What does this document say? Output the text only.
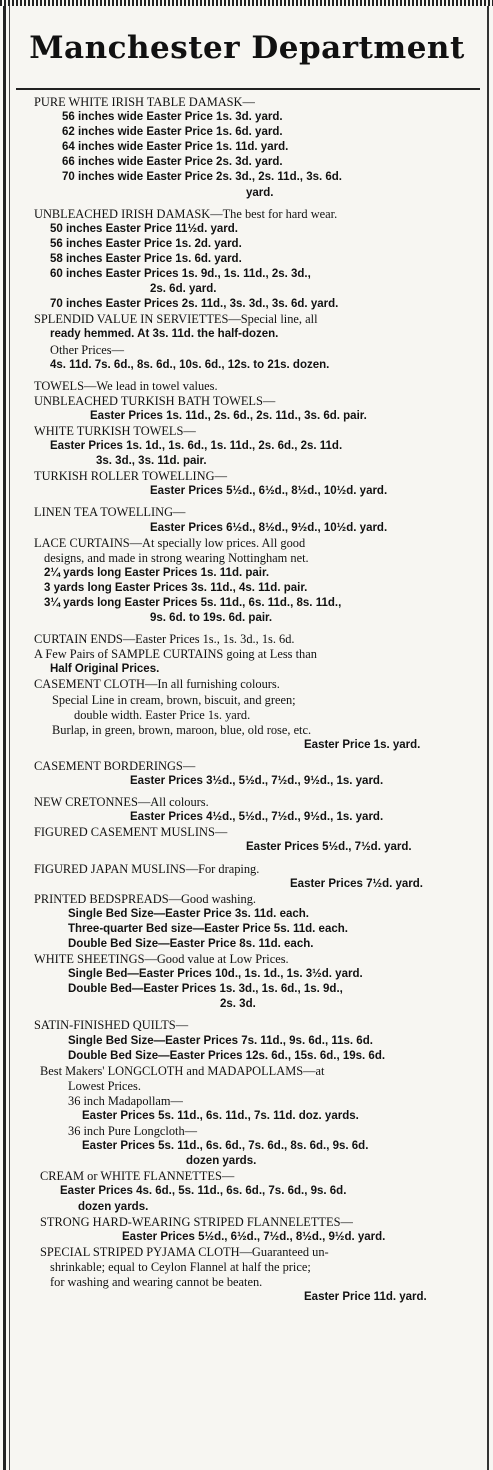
Manchester Department
PURE WHITE IRISH TABLE DAMASK—
56 inches wide Easter Price 1s. 3d. yard.
62 inches wide Easter Price 1s. 6d. yard.
64 inches wide Easter Price 1s. 11d. yard.
66 inches wide Easter Price 2s. 3d. yard.
70 inches wide Easter Price 2s. 3d., 2s. 11d., 3s. 6d.
yard.
UNBLEACHED IRISH DAMASK—The best for hard wear.
50 inches Easter Price 11½d. yard.
56 inches Easter Price 1s. 2d. yard.
58 inches Easter Price 1s. 6d. yard.
60 inches Easter Prices 1s. 9d., 1s. 11d., 2s. 3d.,
2s. 6d. yard.
70 inches Easter Prices 2s. 11d., 3s. 3d., 3s. 6d. yard.
SPLENDID VALUE IN SERVIETTES—Special line, all
ready hemmed. At 3s. 11d. the half-dozen.
Other Prices—
4s. 11d. 7s. 6d., 8s. 6d., 10s. 6d., 12s. to 21s. dozen.
TOWELS—We lead in towel values.
UNBLEACHED TURKISH BATH TOWELS—
Easter Prices 1s. 11d., 2s. 6d., 2s. 11d., 3s. 6d. pair.
WHITE TURKISH TOWELS—
Easter Prices 1s. 1d., 1s. 6d., 1s. 11d., 2s. 6d., 2s. 11d.
3s. 3d., 3s. 11d. pair.
TURKISH ROLLER TOWELLING—
Easter Prices 5½d., 6½d., 8½d., 10½d. yard.
LINEN TEA TOWELLING—
Easter Prices 6½d., 8½d., 9½d., 10½d. yard.
LACE CURTAINS—At specially low prices. All good
designs, and made in strong wearing Nottingham net.
2¼ yards long Easter Prices 1s. 11d. pair.
3 yards long Easter Prices 3s. 11d., 4s. 11d. pair.
3¼ yards long Easter Prices 5s. 11d., 6s. 11d., 8s. 11d.,
9s. 6d. to 19s. 6d. pair.
CURTAIN ENDS—Easter Prices 1s., 1s. 3d., 1s. 6d.
A Few Pairs of SAMPLE CURTAINS going at Less than
Half Original Prices.
CASEMENT CLOTH—In all furnishing colours.
Special Line in cream, brown, biscuit, and green;
double width. Easter Price 1s. yard.
Burlap, in green, brown, maroon, blue, old rose, etc.
Easter Price 1s. yard.
CASEMENT BORDERINGS—
Easter Prices 3½d., 5½d., 7½d., 9½d., 1s. yard.
NEW CRETONNES—All colours.
Easter Prices 4½d., 5½d., 7½d., 9½d., 1s. yard.
FIGURED CASEMENT MUSLINS—
Easter Prices 5½d., 7½d. yard.
FIGURED JAPAN MUSLINS—For draping.
Easter Prices 7½d. yard.
PRINTED BEDSPREADS—Good washing.
Single Bed Size—Easter Price 3s. 11d. each.
Three-quarter Bed size—Easter Price 5s. 11d. each.
Double Bed Size—Easter Price 8s. 11d. each.
WHITE SHEETINGS—Good value at Low Prices.
Single Bed—Easter Prices 10d., 1s. 1d., 1s. 3½d. yard.
Double Bed—Easter Prices 1s. 3d., 1s. 6d., 1s. 9d.,
2s. 3d.
SATIN-FINISHED QUILTS—
Single Bed Size—Easter Prices 7s. 11d., 9s. 6d., 11s. 6d.
Double Bed Size—Easter Prices 12s. 6d., 15s. 6d., 19s. 6d.
Best Makers' LONGCLOTH and MADAPOLLAMS—at
Lowest Prices.
36 inch Madapollam—
Easter Prices 5s. 11d., 6s. 11d., 7s. 11d. doz. yards.
36 inch Pure Longcloth—
Easter Prices 5s. 11d., 6s. 6d., 7s. 6d., 8s. 6d., 9s. 6d.
dozen yards.
CREAM or WHITE FLANNETTES—
Easter Prices 4s. 6d., 5s. 11d., 6s. 6d., 7s. 6d., 9s. 6d.
dozen yards.
STRONG HARD-WEARING STRIPED FLANNELETTES—
Easter Prices 5½d., 6½d., 7½d., 8½d., 9½d. yard.
SPECIAL STRIPED PYJAMA CLOTH—Guaranteed un-
shrinkable; equal to Ceylon Flannel at half the price;
for washing and wearing cannot be beaten.
Easter Price 11d. yard.
